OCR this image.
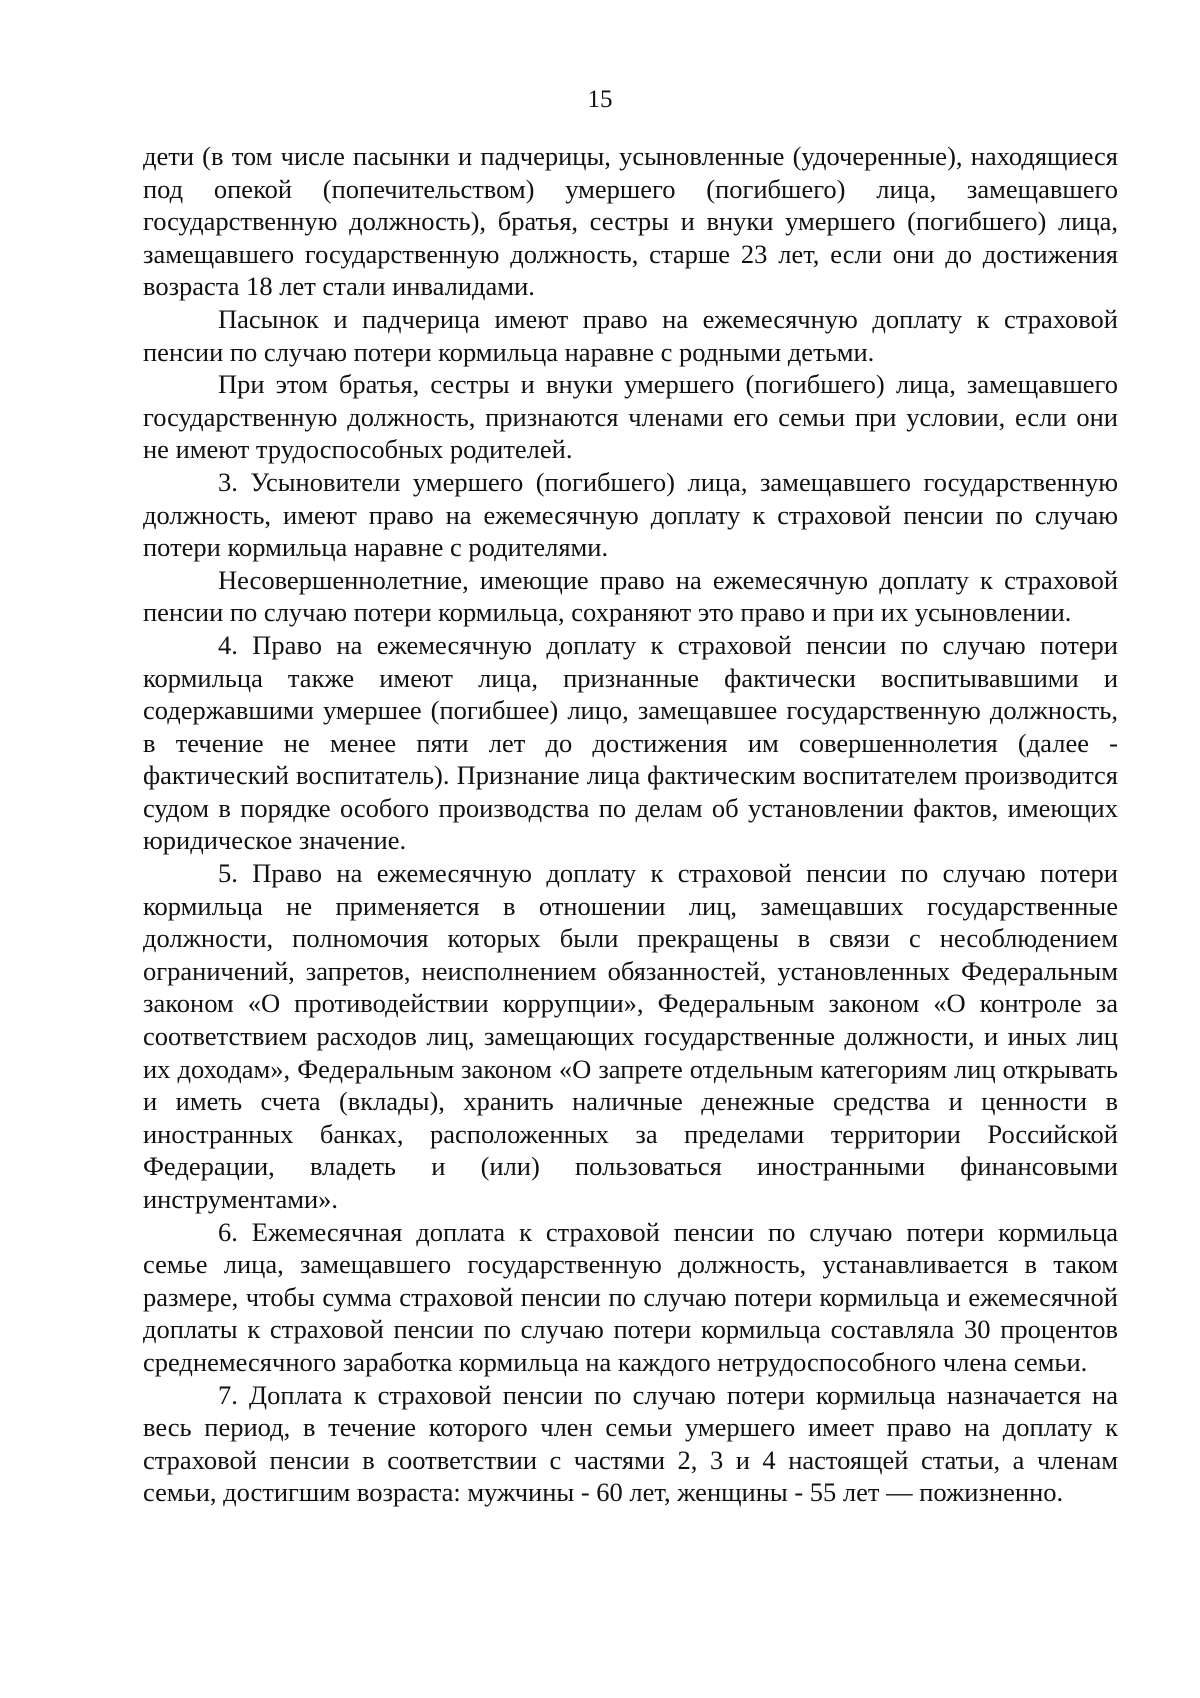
15

дети (в том числе пасынки и падчерицы, усыновленные (удочеренные), находящиеся под опекой (попечительством) умершего (погибшего) лица, замещавшего государственную должность), братья, сестры и внуки умершего (погибшего) лица, замещавшего государственную должность, старше 23 лет, если они до достижения возраста 18 лет стали инвалидами.

Пасынок и падчерица имеют право на ежемесячную доплату к страховой пенсии по случаю потери кормильца наравне с родными детьми.

При этом братья, сестры и внуки умершего (погибшего) лица, замещавшего государственную должность, признаются членами его семьи при условии, если они не имеют трудоспособных родителей.

3. Усыновители умершего (погибшего) лица, замещавшего государственную должность, имеют право на ежемесячную доплату к страховой пенсии по случаю потери кормильца наравне с родителями.

Несовершеннолетние, имеющие право на ежемесячную доплату к страховой пенсии по случаю потери кормильца, сохраняют это право и при их усыновлении.

4. Право на ежемесячную доплату к страховой пенсии по случаю потери кормильца также имеют лица, признанные фактически воспитывавшими и содержавшими умершее (погибшее) лицо, замещавшее государственную должность, в течение не менее пяти лет до достижения им совершеннолетия (далее - фактический воспитатель). Признание лица фактическим воспитателем производится судом в порядке особого производства по делам об установлении фактов, имеющих юридическое значение.

5. Право на ежемесячную доплату к страховой пенсии по случаю потери кормильца не применяется в отношении лиц, замещавших государственные должности, полномочия которых были прекращены в связи с несоблюдением ограничений, запретов, неисполнением обязанностей, установленных Федеральным законом «О противодействии коррупции», Федеральным законом «О контроле за соответствием расходов лиц, замещающих государственные должности, и иных лиц их доходам», Федеральным законом «О запрете отдельным категориям лиц открывать и иметь счета (вклады), хранить наличные денежные средства и ценности в иностранных банках, расположенных за пределами территории Российской Федерации, владеть и (или) пользоваться иностранными финансовыми инструментами».

6. Ежемесячная доплата к страховой пенсии по случаю потери кормильца семье лица, замещавшего государственную должность, устанавливается в таком размере, чтобы сумма страховой пенсии по случаю потери кормильца и ежемесячной доплаты к страховой пенсии по случаю потери кормильца составляла 30 процентов среднемесячного заработка кормильца на каждого нетрудоспособного члена семьи.

7. Доплата к страховой пенсии по случаю потери кормильца назначается на весь период, в течение которого член семьи умершего имеет право на доплату к страховой пенсии в соответствии с частями 2, 3 и 4 настоящей статьи, а членам семьи, достигшим возраста: мужчины - 60 лет, женщины - 55 лет — пожизненно.
